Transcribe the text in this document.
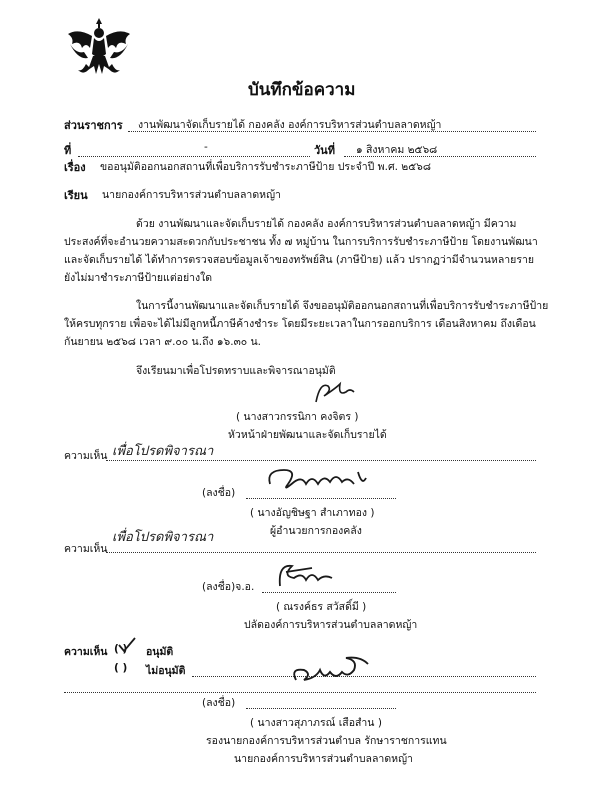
บันทึกข้อความ
ส่วนราชการ งานพัฒนาจัดเก็บรายได้ กองคลัง องค์การบริหารส่วนตำบลลาดหญ้า
ที่	-	วันที่ ๑ สิงหาคม ๒๕๖๘
เรื่อง ขออนุมัติออกนอกสถานที่เพื่อบริการรับชำระภาษีป้าย ประจำปี พ.ศ. ๒๕๖๘
เรียน นายกองค์การบริหารส่วนตำบลลาดหญ้า
ด้วย งานพัฒนาและจัดเก็บรายได้ กองคลัง องค์การบริหารส่วนตำบลลาดหญ้า มีความ
ประสงค์ที่จะอำนวยความสะดวกกับประชาชน ทั้ง ๗ หมู่บ้าน ในการบริการรับชำระภาษีป้าย โดยงานพัฒนา
และจัดเก็บรายได้ ได้ทำการตรวจสอบข้อมูลเจ้าของทรัพย์สิน (ภาษีป้าย) แล้ว ปรากฏว่ามีจำนวนหลายราย
ยังไม่มาชำระภาษีป้ายแต่อย่างใด
ในการนี้งานพัฒนาและจัดเก็บรายได้ จึงขออนุมัติออกนอกสถานที่เพื่อบริการรับชำระภาษีป้าย
ให้ครบทุกราย เพื่อจะได้ไม่มีลูกหนี้ภาษีค้างชำระ โดยมีระยะเวลาในการออกบริการ เดือนสิงหาคม ถึงเดือน
กันยายน ๒๕๖๘ เวลา ๙.๐๐ น.ถึง ๑๖.๓๐ น.
จึงเรียนมาเพื่อโปรดทราบและพิจารณาอนุมัติ
( นางสาวกรรนิกา คงจิตร )
หัวหน้าฝ่ายพัฒนาและจัดเก็บรายได้
ความเห็น เพื่อโปรดพิจารณา
(ลงชื่อ)
( นางอัญชิษฐา สำเภาทอง )
ผู้อำนวยการกองคลัง
ความเห็น
เพื่อโปรดพิจารณา
(ลงชื่อ)จ.อ.
( ณรงค์ธร สวัสดิ์มี )
ปลัดองค์การบริหารส่วนตำบลลาดหญ้า
ความเห็น ( ) อนุมัติ
( ) ไม่อนุมัติ
(ลงชื่อ)
( นางสาวสุภาภรณ์ เสือสำน )
รองนายกองค์การบริหารส่วนตำบล รักษาราชการแทน
นายกองค์การบริหารส่วนตำบลลาดหญ้า
